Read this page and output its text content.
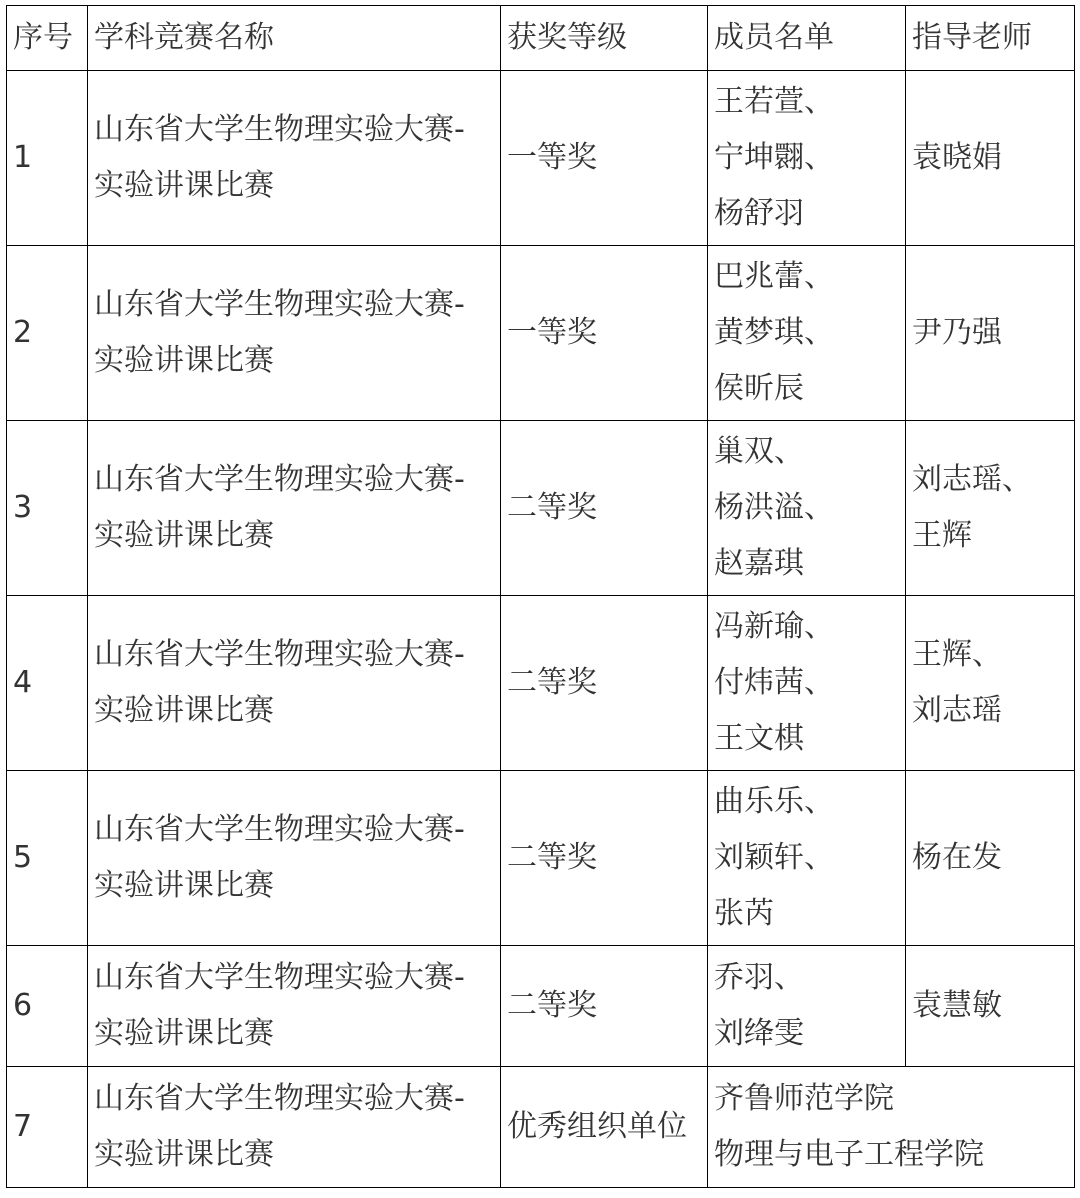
序号	学科竞赛名称	获奖等级	成员名单	指导老师
1	山东省大学生物理实验大赛-
实验讲课比赛	一等奖	王若萱、
宁坤翾、
杨舒羽	袁晓娟

2	山东省大学生物理实验大赛-
实验讲课比赛	一等奖	巴兆蕾、
黄梦琪、
侯昕辰	尹乃强

3	山东省大学生物理实验大赛-
实验讲课比赛	二等奖	巢双、
杨洪溢、
赵嘉琪	刘志瑶、
王辉

4	山东省大学生物理实验大赛-
实验讲课比赛	二等奖	冯新瑜、
付炜茜、
王文棋	王辉、
刘志瑶

5	山东省大学生物理实验大赛-
实验讲课比赛	二等奖	曲乐乐、
刘颖轩、
张芮	杨在发

6	山东省大学生物理实验大赛-
实验讲课比赛	二等奖	乔羽、
刘绛雯	袁慧敏

7	山东省大学生物理实验大赛-
实验讲课比赛	优秀组织单位	齐鲁师范学院
物理与电子工程学院	
